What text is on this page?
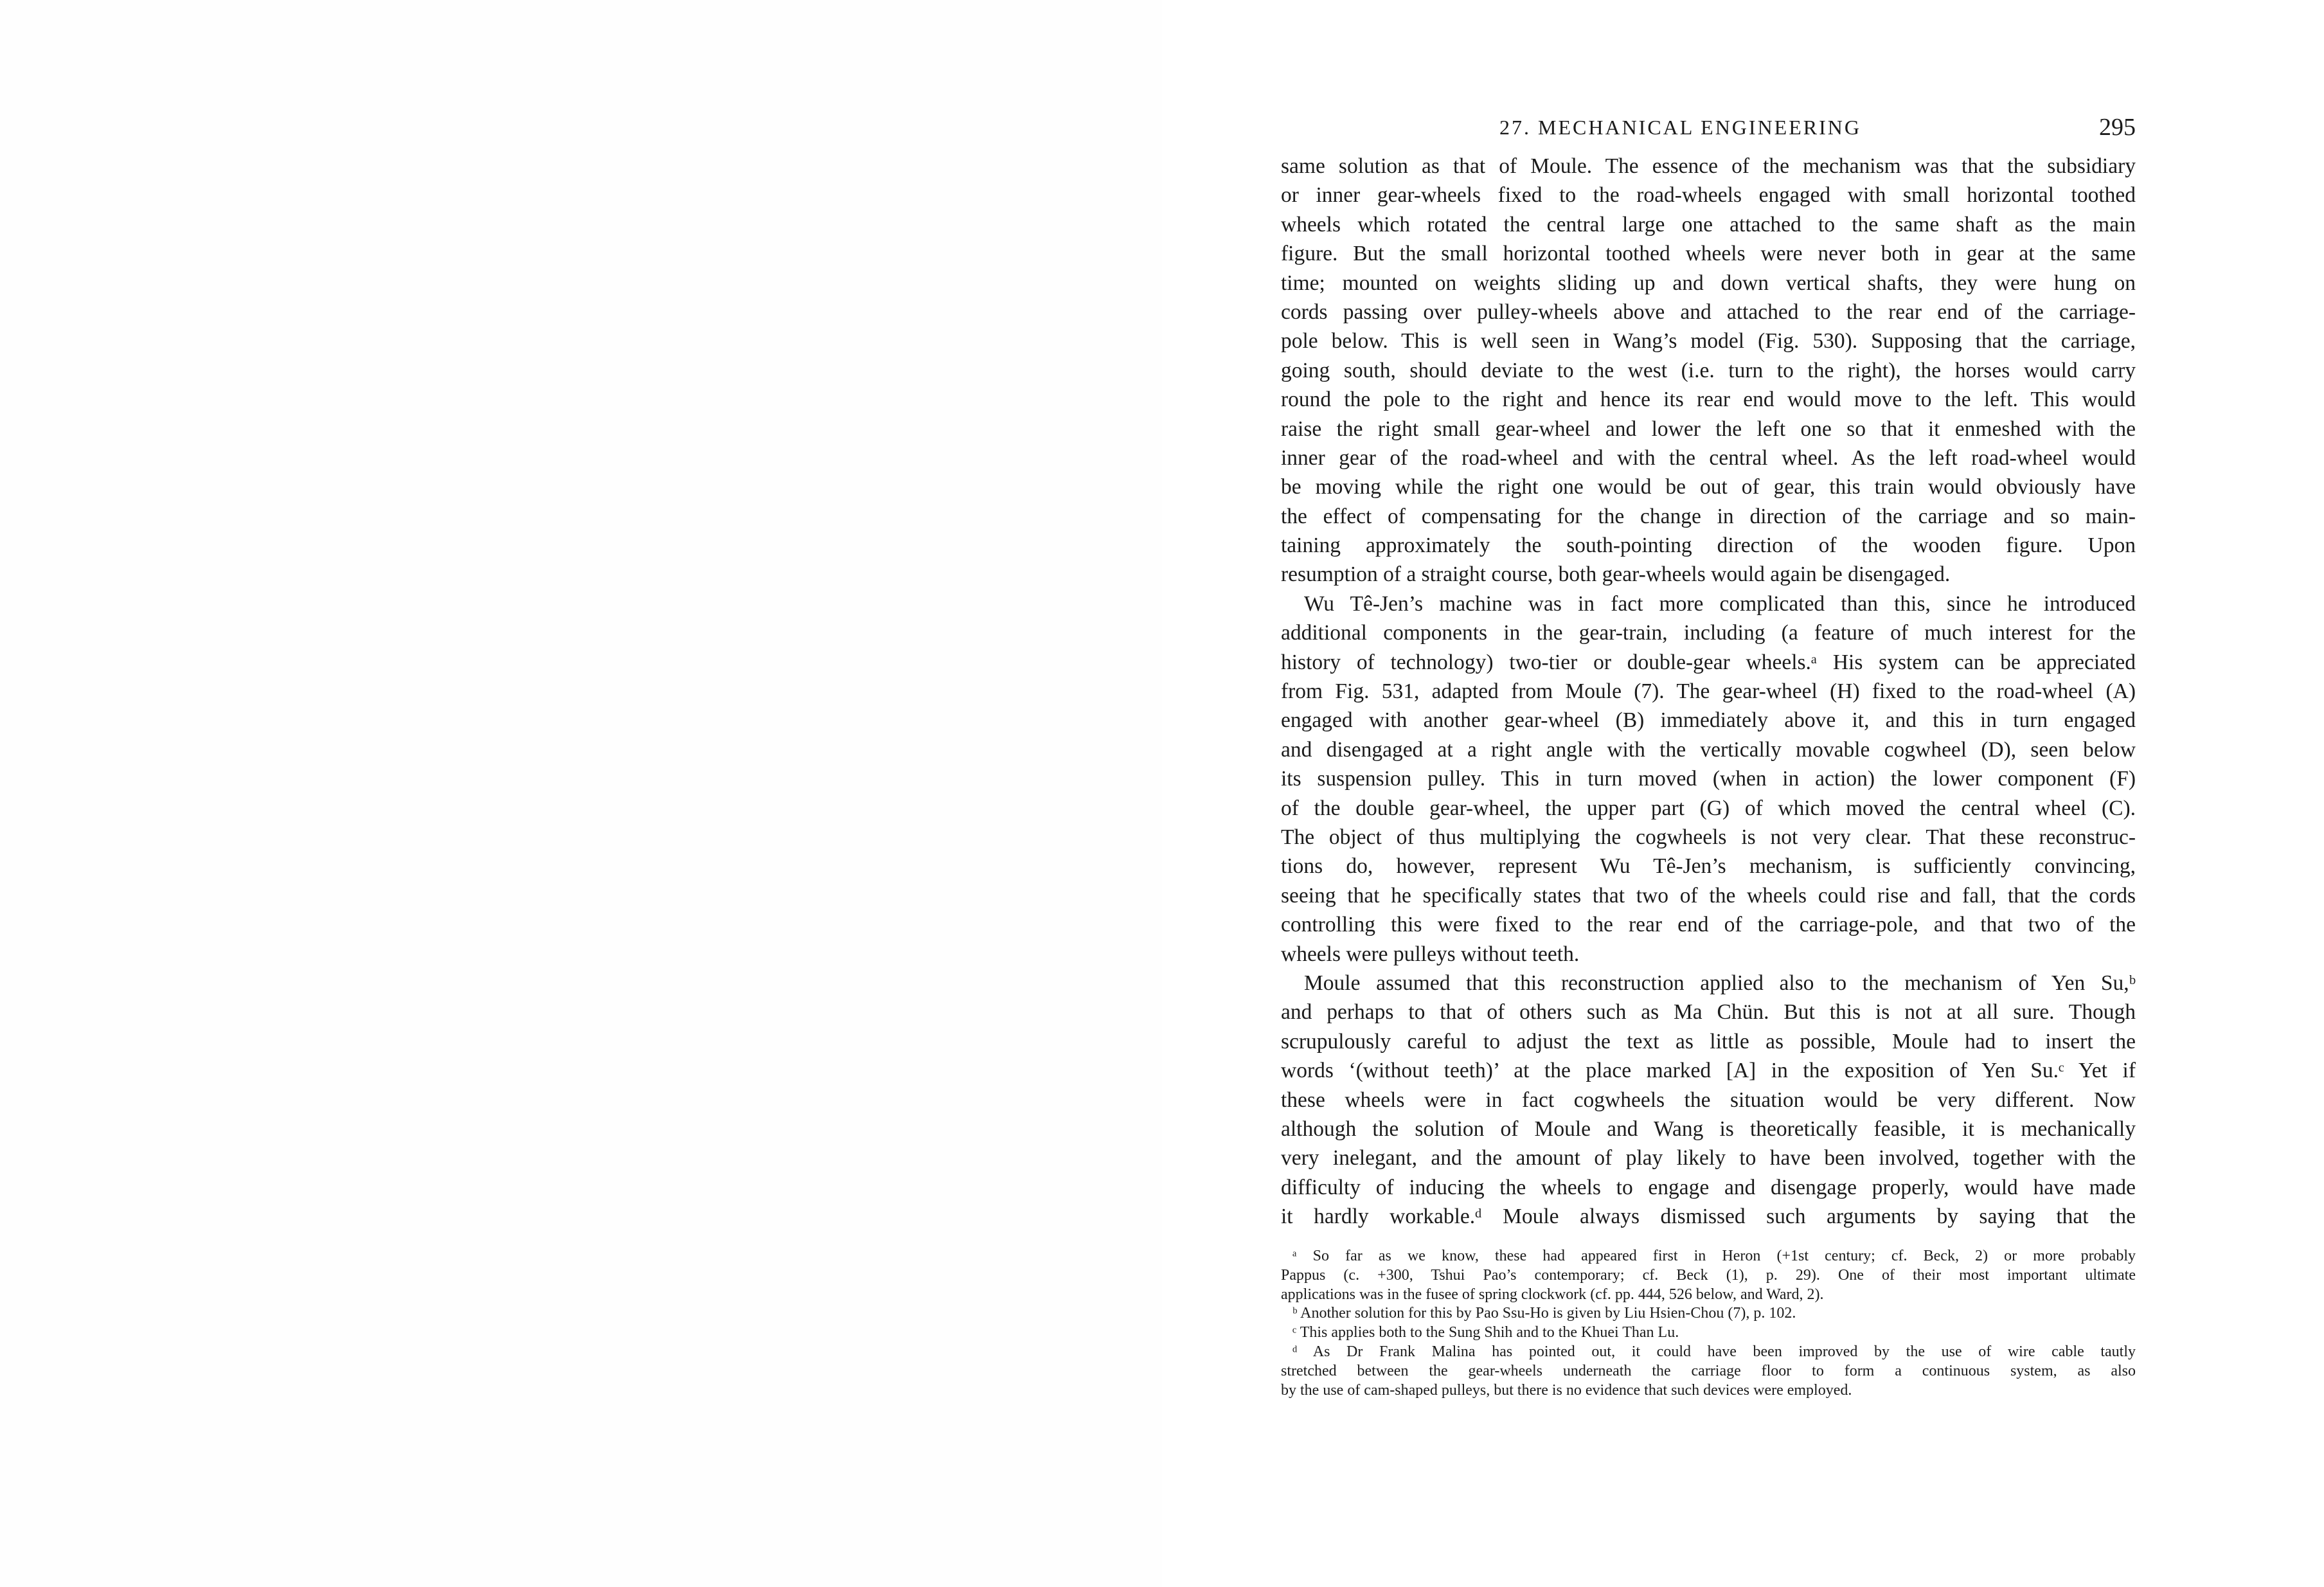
27. MECHANICAL ENGINEERING	295
same solution as that of Moule. The essence of the mechanism was that the subsidiary
or inner gear-wheels fixed to the road-wheels engaged with small horizontal toothed
wheels which rotated the central large one attached to the same shaft as the main
figure. But the small horizontal toothed wheels were never both in gear at the same
time; mounted on weights sliding up and down vertical shafts, they were hung on
cords passing over pulley-wheels above and attached to the rear end of the carriage-
pole below. This is well seen in Wang’s model (Fig. 530). Supposing that the carriage,
going south, should deviate to the west (i.e. turn to the right), the horses would carry
round the pole to the right and hence its rear end would move to the left. This would
raise the right small gear-wheel and lower the left one so that it enmeshed with the
inner gear of the road-wheel and with the central wheel. As the left road-wheel would
be moving while the right one would be out of gear, this train would obviously have
the effect of compensating for the change in direction of the carriage and so main-
taining approximately the south-pointing direction of the wooden figure. Upon
resumption of a straight course, both gear-wheels would again be disengaged.
Wu Tê-Jen’s machine was in fact more complicated than this, since he introduced
additional components in the gear-train, including (a feature of much interest for the
history of technology) two-tier or double-gear wheels.ᵃ His system can be appreciated
from Fig. 531, adapted from Moule (7). The gear-wheel (H) fixed to the road-wheel (A)
engaged with another gear-wheel (B) immediately above it, and this in turn engaged
and disengaged at a right angle with the vertically movable cogwheel (D), seen below
its suspension pulley. This in turn moved (when in action) the lower component (F)
of the double gear-wheel, the upper part (G) of which moved the central wheel (C).
The object of thus multiplying the cogwheels is not very clear. That these reconstruc-
tions do, however, represent Wu Tê-Jen’s mechanism, is sufficiently convincing,
seeing that he specifically states that two of the wheels could rise and fall, that the cords
controlling this were fixed to the rear end of the carriage-pole, and that two of the
wheels were pulleys without teeth.
Moule assumed that this reconstruction applied also to the mechanism of Yen Su,ᵇ
and perhaps to that of others such as Ma Chün. But this is not at all sure. Though
scrupulously careful to adjust the text as little as possible, Moule had to insert the
words ‘(without teeth)’ at the place marked [A] in the exposition of Yen Su.ᶜ Yet if
these wheels were in fact cogwheels the situation would be very different. Now
although the solution of Moule and Wang is theoretically feasible, it is mechanically
very inelegant, and the amount of play likely to have been involved, together with the
difficulty of inducing the wheels to engage and disengage properly, would have made
it hardly workable.ᵈ Moule always dismissed such arguments by saying that the
ᵃ So far as we know, these had appeared first in Heron (+1st century; cf. Beck, 2) or more probably
Pappus (c. +300, Tshui Pao’s contemporary; cf. Beck (1), p. 29). One of their most important ultimate
applications was in the fusee of spring clockwork (cf. pp. 444, 526 below, and Ward, 2).
ᵇ Another solution for this by Pao Ssu-Ho is given by Liu Hsien-Chou (7), p. 102.
ᶜ This applies both to the Sung Shih and to the Khuei Than Lu.
ᵈ As Dr Frank Malina has pointed out, it could have been improved by the use of wire cable tautly
stretched between the gear-wheels underneath the carriage floor to form a continuous system, as also
by the use of cam-shaped pulleys, but there is no evidence that such devices were employed.
